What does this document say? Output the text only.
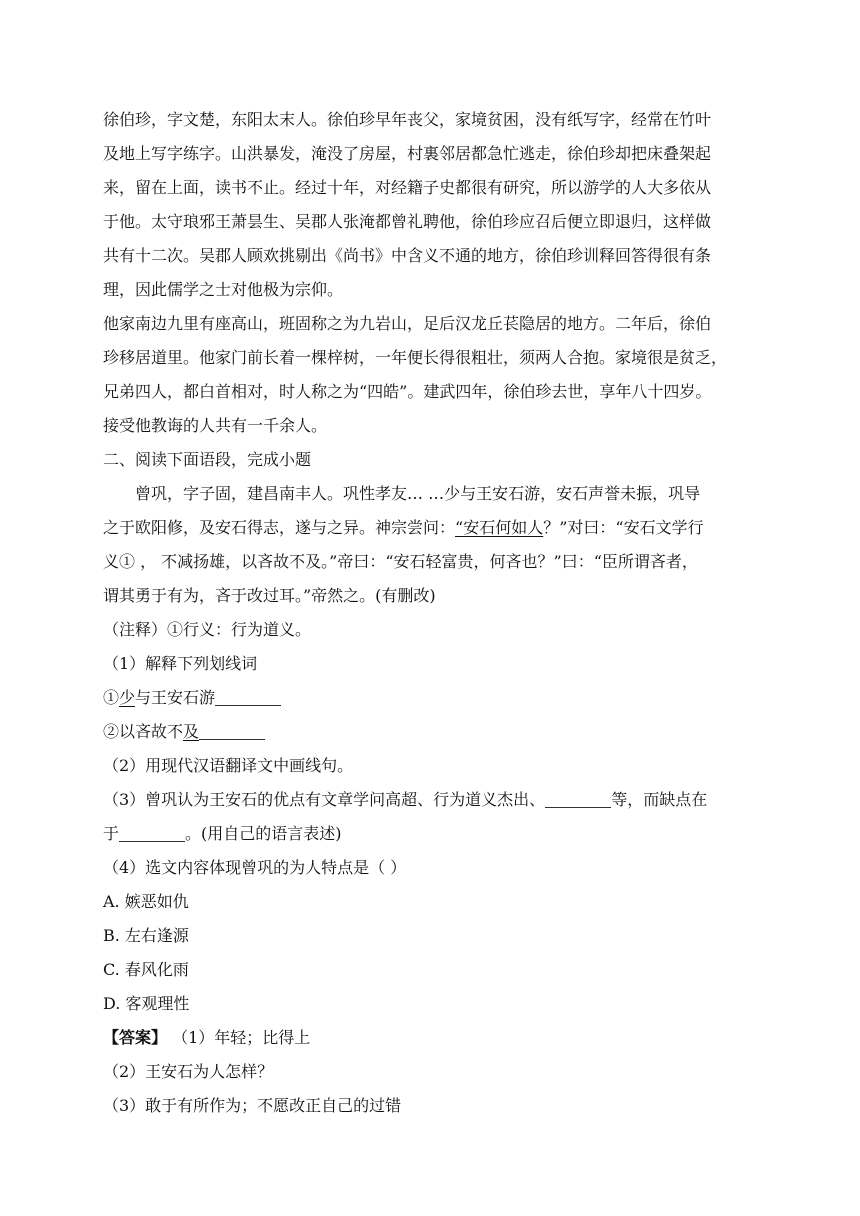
徐伯珍，字文楚，东阳太末人。徐伯珍早年丧父，家境贫困，没有纸写字，经常在竹叶
及地上写字练字。山洪暴发，淹没了房屋，村裏邻居都急忙逃走，徐伯珍却把床叠架起
来，留在上面，读书不止。经过十年，对经籍子史都很有研究，所以游学的人大多依从
于他。太守琅邪王萧昙生、吴郡人张淹都曾礼聘他，徐伯珍应召后便立即退归，这样做
共有十二次。吴郡人顾欢挑剔出《尚书》中含义不通的地方，徐伯珍训释回答得很有条
理，因此儒学之士对他极为宗仰。
他家南边九里有座高山，班固称之为九岩山，足后汉龙丘苌隐居的地方。二年后，徐伯
珍移居道里。他家门前长着一棵梓树，一年便长得很粗壮，须两人合抱。家境很是贫乏，
兄弟四人，都白首相对，时人称之为“四皓”。建武四年，徐伯珍去世，享年八十四岁。
接受他教诲的人共有一千余人。
二、阅读下面语段，完成小题
曾巩，字子固，建昌南丰人。巩性孝友… …少与王安石游，安石声誉未振，巩导
之于欧阳修，及安石得志，遂与之异。神宗尝问：“安石何如人？”对曰：“安石文学行
义① ， 不减扬雄，以吝故不及。”帝曰：“安石轻富贵，何吝也？”曰：“臣所谓吝者，
谓其勇于有为，吝于改过耳。”帝然之。(有删改)
（注释）①行义：行为道义。
（1）解释下列划线词
①少与王安石游
②以吝故不及
（2）用现代汉语翻译文中画线句。
（3）曾巩认为王安石的优点有文章学问高超、行为道义杰出、	等，而缺点在
于	。(用自己的语言表述)
（4）选文内容体现曾巩的为人特点是（ ）
A. 嫉恶如仇
B. 左右逢源
C. 春风化雨
D. 客观理性
【答案】 （1）年轻；比得上
（2）王安石为人怎样？
（3）敢于有所作为；不愿改正自己的过错
